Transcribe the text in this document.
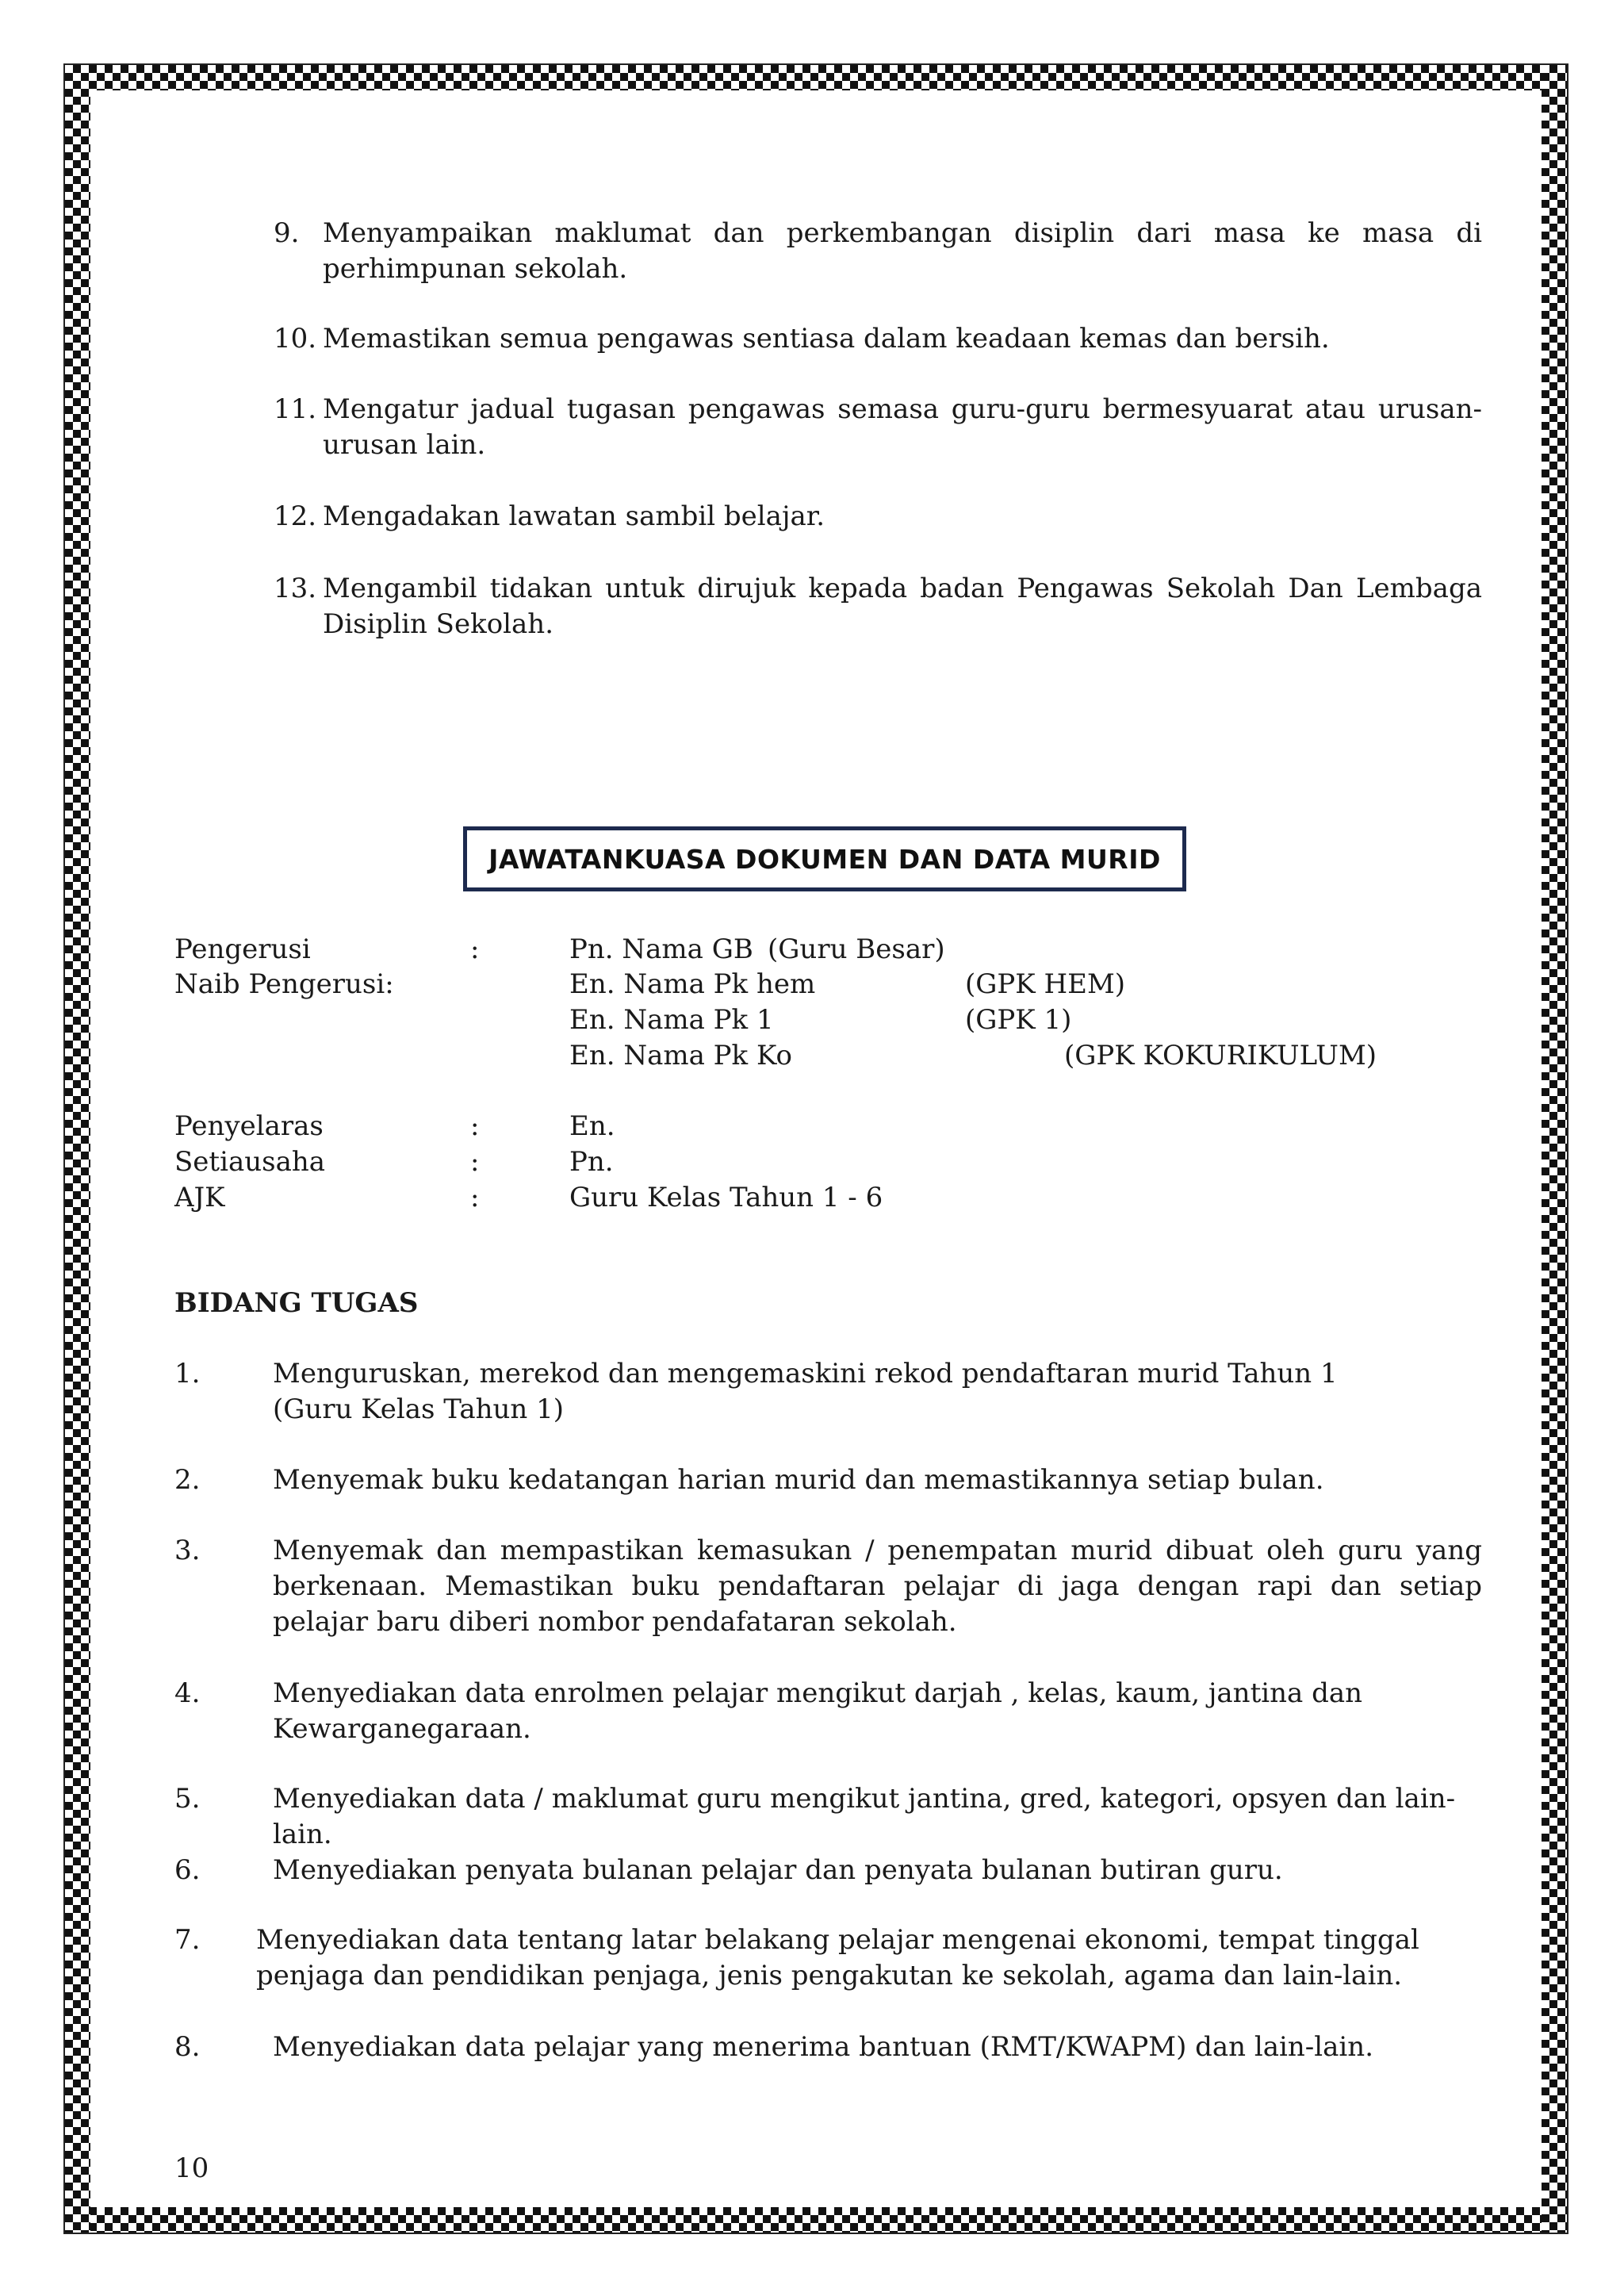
9. Menyampaikan maklumat dan perkembangan disiplin dari masa ke masa di perhimpunan sekolah.
10. Memastikan semua pengawas sentiasa dalam keadaan kemas dan bersih.
11. Mengatur jadual tugasan pengawas semasa guru-guru bermesyuarat atau urusan-urusan lain.
12. Mengadakan lawatan sambil belajar.
13. Mengambil tidakan untuk dirujuk kepada badan Pengawas Sekolah Dan Lembaga Disiplin Sekolah.
JAWATANKUASA DOKUMEN DAN DATA MURID
Pengerusi	:	Pn. Nama GB (Guru Besar)
Naib Pengerusi:	En. Nama Pk hem	(GPK HEM)
En. Nama Pk 1	(GPK 1)
En. Nama Pk Ko	(GPK KOKURIKULUM)
Penyelaras	:	En.
Setiausaha	:	Pn.
AJK	:	Guru Kelas Tahun 1 - 6
BIDANG TUGAS
1.	Menguruskan, merekod dan mengemaskini rekod pendaftaran murid Tahun 1
(Guru Kelas Tahun 1)
2.	Menyemak buku kedatangan harian murid dan memastikannya setiap bulan.
3.	Menyemak dan mempastikan kemasukan / penempatan murid dibuat oleh guru yang berkenaan. Memastikan buku pendaftaran pelajar di jaga dengan rapi dan setiap pelajar baru diberi nombor pendafataran sekolah.
4.	Menyediakan data enrolmen pelajar mengikut darjah , kelas, kaum, jantina dan
Kewarganegaraan.
5.	Menyediakan data / maklumat guru mengikut jantina, gred, kategori, opsyen dan lain-lain.
6.	Menyediakan penyata bulanan pelajar dan penyata bulanan butiran guru.
7. Menyediakan data tentang latar belakang pelajar mengenai ekonomi, tempat tinggal
penjaga dan pendidikan penjaga, jenis pengakutan ke sekolah, agama dan lain-lain.
8.	Menyediakan data pelajar yang menerima bantuan (RMT/KWAPM) dan lain-lain.
10
